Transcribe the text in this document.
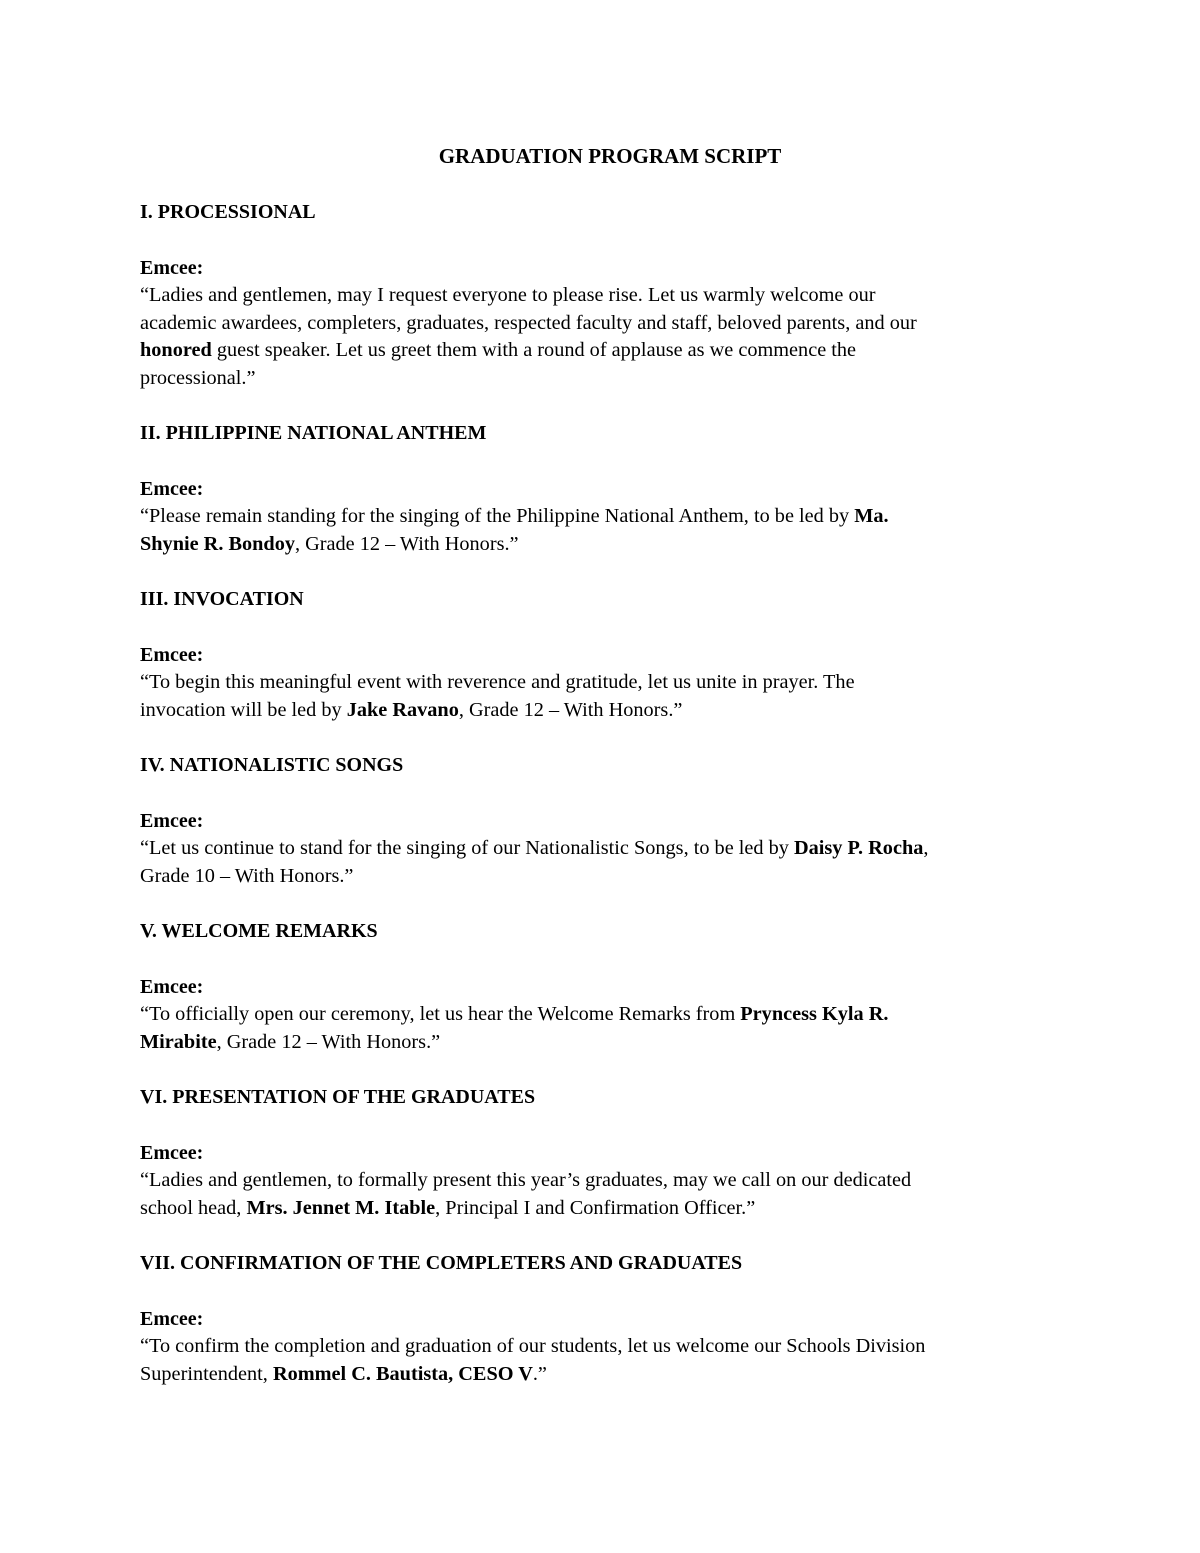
GRADUATION PROGRAM SCRIPT
I. PROCESSIONAL
Emcee:
“Ladies and gentlemen, may I request everyone to please rise. Let us warmly welcome our
academic awardees, completers, graduates, respected faculty and staff, beloved parents, and our
honored guest speaker. Let us greet them with a round of applause as we commence the
processional.”
II. PHILIPPINE NATIONAL ANTHEM
Emcee:
“Please remain standing for the singing of the Philippine National Anthem, to be led by Ma.
Shynie R. Bondoy, Grade 12 – With Honors.”
III. INVOCATION
Emcee:
“To begin this meaningful event with reverence and gratitude, let us unite in prayer. The
invocation will be led by Jake Ravano, Grade 12 – With Honors.”
IV. NATIONALISTIC SONGS
Emcee:
“Let us continue to stand for the singing of our Nationalistic Songs, to be led by Daisy P. Rocha,
Grade 10 – With Honors.”
V. WELCOME REMARKS
Emcee:
“To officially open our ceremony, let us hear the Welcome Remarks from Pryncess Kyla R.
Mirabite, Grade 12 – With Honors.”
VI. PRESENTATION OF THE GRADUATES
Emcee:
“Ladies and gentlemen, to formally present this year’s graduates, may we call on our dedicated
school head, Mrs. Jennet M. Itable, Principal I and Confirmation Officer.”
VII. CONFIRMATION OF THE COMPLETERS AND GRADUATES
Emcee:
“To confirm the completion and graduation of our students, let us welcome our Schools Division
Superintendent, Rommel C. Bautista, CESO V.”
